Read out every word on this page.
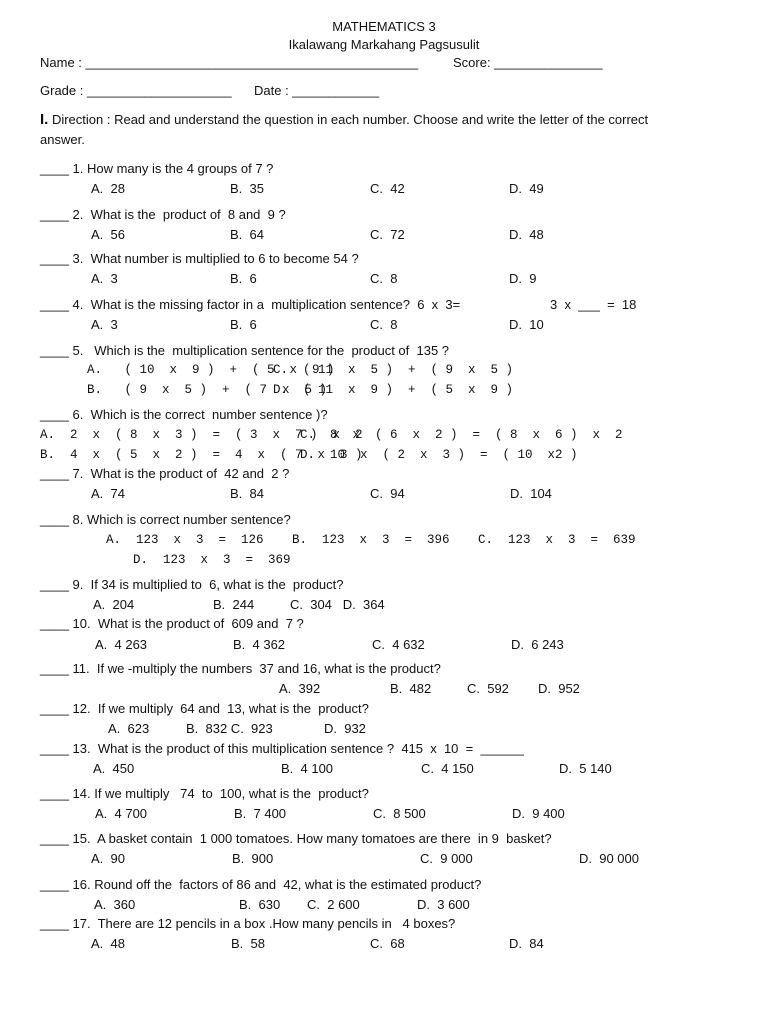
MATHEMATICS 3
Ikalawang Markahang Pagsusulit
Name : ______________________________________________	Score: _______________
Grade : ____________________ Date : ____________
I. Direction : Read and understand the question in each number. Choose and write the letter of the correct
answer.
____ 1. How many is the 4 groups of 7 ?
A.  28	B.  35	C.  42	D.  49
____ 2.  What is the  product of  8 and  9 ?
A.  56	B.  64	C.  72	D.  48
____ 3.  What number is multiplied to 6 to become 54 ?
A.  3	B.  6	C.  8	D.  9
____ 4.  What is the missing factor in a  multiplication sentence?  6  x  3=	3  x  ___  =  18
A.  3	B.  6	C.  8	D.  10
____ 5.   Which is the  multiplication sentence for the  product of  135 ?
A.   ( 10  x  9 )  +  ( 5  x  9 )
C.  ( 11  x  5 )  +  ( 9  x  5 )
B.   ( 9  x  5 )  +  ( 7  x  5 )
D.  ( 11  x  9 )  +  ( 5  x  9 )
____ 6.  Which is the correct  number sentence )?
A.  2  x  ( 8  x  3 )  =  ( 3  x  7 )  x  2
C.  8  x  ( 6  x  2 )  =  ( 8  x  6 )  x  2
B.  4  x  ( 5  x  2 )  =  4  x  ( 7  x  3 )
D.  10  x  ( 2  x  3 )  =  ( 10  x2 )
____ 7.  What is the product of  42 and  2 ?
A.  74	B.  84	C.  94	D.  104
____ 8. Which is correct number sentence?
A.  123  x  3  =  126 B.  123  x  3  =  396 C.  123  x  3  =  639
D.  123  x  3  =  369
____ 9.  If 34 is multiplied to  6, what is the  product?
A.  204	B.  244	C.  304   D.  364
____ 10.  What is the product of  609 and  7 ?
A.  4 263	B.  4 362	C.  4 632	D.  6 243
____ 11.  If we -multiply the numbers  37 and 16, what is the product?
A.  392	B.  482	C.  592 D.  952
____ 12.  If we multiply  64 and  13, what is the  product?
A.  623	B.  832 C.  923	D.  932
____ 13.  What is the product of this multiplication sentence ?  415  x  10  =  ______
A.  450	B.  4 100	C.  4 150	D.  5 140
____ 14. If we multiply   74  to  100, what is the  product?
A.  4 700	B.  7 400	C.  8 500	D.  9 400
____ 15.  A basket contain  1 000 tomatoes. How many tomatoes are there  in 9  basket?
A.  90	B.  900	C.  9 000	D.  90 000
____ 16. Round off the  factors of 86 and  42, what is the estimated product?
A.  360	B.  630 C.  2 600	D.  3 600
____ 17.  There are 12 pencils in a box .How many pencils in   4 boxes?
A.  48	B.  58	C.  68	D.  84
